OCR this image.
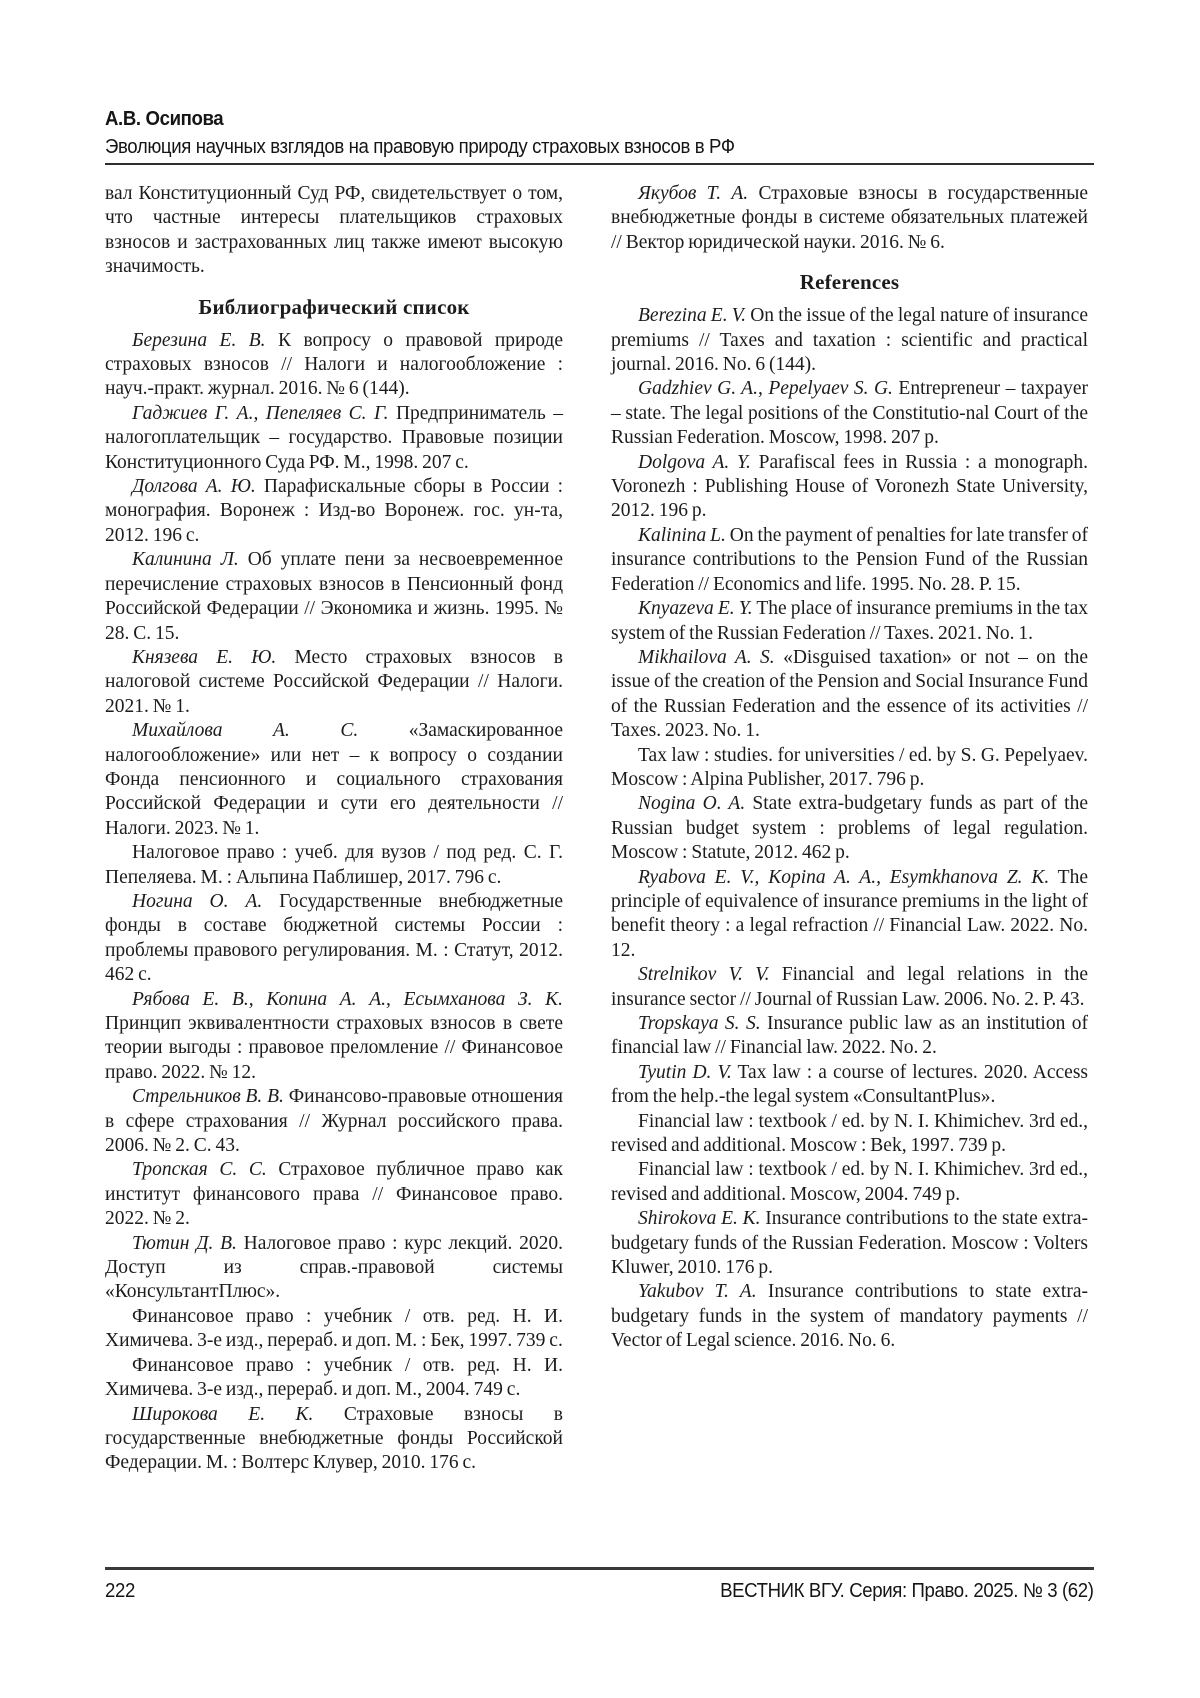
А.В. Осипова
Эволюция научных взглядов на правовую природу страховых взносов в РФ

вал Конституционный Суд РФ, свидетельствует о том, что частные интересы плательщиков страховых взносов и застрахованных лиц также имеют высокую значимость.

Библиографический список

Березина Е. В. К вопросу о правовой природе страховых взносов // Налоги и налогообложение : науч.-практ. журнал. 2016. № 6 (144).

Гаджиев Г. А., Пепеляев С. Г. Предприниматель – налогоплательщик – государство. Правовые позиции Конституционного Суда РФ. М., 1998. 207 с.

Долгова А. Ю. Парафискальные сборы в России : монография. Воронеж : Изд-во Воронеж. гос. ун-та, 2012. 196 с.

Калинина Л. Об уплате пени за несвоевременное перечисление страховых взносов в Пенсионный фонд Российской Федерации // Экономика и жизнь. 1995. № 28. С. 15.

Князева Е. Ю. Место страховых взносов в налоговой системе Российской Федерации // Налоги. 2021. № 1.

Михайлова А. С. «Замаскированное налогообложение» или нет – к вопросу о создании Фонда пенсионного и социального страхования Российской Федерации и сути его деятельности // Налоги. 2023. № 1.

Налоговое право : учеб. для вузов / под ред. С. Г. Пепеляева. М. : Альпина Паблишер, 2017. 796 с.

Ногина О. А. Государственные внебюджетные фонды в составе бюджетной системы России : проблемы правового регулирования. М. : Статут, 2012. 462 с.

Рябова Е. В., Копина А. А., Есымханова З. К. Принцип эквивалентности страховых взносов в свете теории выгоды : правовое преломление // Финансовое право. 2022. № 12.

Стрельников В. В. Финансово-правовые отношения в сфере страхования // Журнал российского права. 2006. № 2. С. 43.

Тропская С. С. Страховое публичное право как институт финансового права // Финансовое право. 2022. № 2.

Тютин Д. В. Налоговое право : курс лекций. 2020. Доступ из справ.-правовой системы «КонсультантПлюс».

Финансовое право : учебник / отв. ред. Н. И. Химичева. 3-е изд., перераб. и доп. М. : Бек, 1997. 739 с.

Финансовое право : учебник / отв. ред. Н. И. Химичева. 3-е изд., перераб. и доп. М., 2004. 749 с.

Широкова Е. К. Страховые взносы в государственные внебюджетные фонды Российской Федерации. М. : Волтерс Клувер, 2010. 176 с.

Якубов Т. А. Страховые взносы в государственные внебюджетные фонды в системе обязательных платежей // Вектор юридической науки. 2016. № 6.

References

Berezina E. V. On the issue of the legal nature of insurance premiums // Taxes and taxation : scientific and practical journal. 2016. No. 6 (144).

Gadzhiev G. A., Pepelyaev S. G. Entrepreneur – taxpayer – state. The legal positions of the Constitutio-nal Court of the Russian Federation. Moscow, 1998. 207 p.

Dolgova A. Y. Parafiscal fees in Russia : a monograph. Voronezh : Publishing House of Voronezh State University, 2012. 196 p.

Kalinina L. On the payment of penalties for late transfer of insurance contributions to the Pension Fund of the Russian Federation // Economics and life. 1995. No. 28. P. 15.

Knyazeva E. Y. The place of insurance premiums in the tax system of the Russian Federation // Taxes. 2021. No. 1.

Mikhailova A. S. «Disguised taxation» or not – on the issue of the creation of the Pension and Social Insurance Fund of the Russian Federation and the essence of its activities // Taxes. 2023. No. 1.

Tax law : studies. for universities / ed. by S. G. Pepelyaev. Moscow : Alpina Publisher, 2017. 796 p.

Nogina O. A. State extra-budgetary funds as part of the Russian budget system : problems of legal regulation. Moscow : Statute, 2012. 462 p.

Ryabova E. V., Kopina A. A., Esymkhanova Z. K. The principle of equivalence of insurance premiums in the light of benefit theory : a legal refraction // Financial Law. 2022. No. 12.

Strelnikov V. V. Financial and legal relations in the insurance sector // Journal of Russian Law. 2006. No. 2. P. 43.

Tropskaya S. S. Insurance public law as an institution of financial law // Financial law. 2022. No. 2.

Tyutin D. V. Tax law : a course of lectures. 2020. Access from the help.-the legal system «ConsultantPlus».

Financial law : textbook / ed. by N. I. Khimichev. 3rd ed., revised and additional. Moscow : Bek, 1997. 739 p.

Financial law : textbook / ed. by N. I. Khimichev. 3rd ed., revised and additional. Moscow, 2004. 749 p.

Shirokova E. K. Insurance contributions to the state extra-budgetary funds of the Russian Federation. Moscow : Volters Kluwer, 2010. 176 p.

Yakubov T. A. Insurance contributions to state extra-budgetary funds in the system of mandatory payments // Vector of Legal science. 2016. No. 6.

222	ВЕСТНИК ВГУ. Серия: Право. 2025. № 3 (62)
